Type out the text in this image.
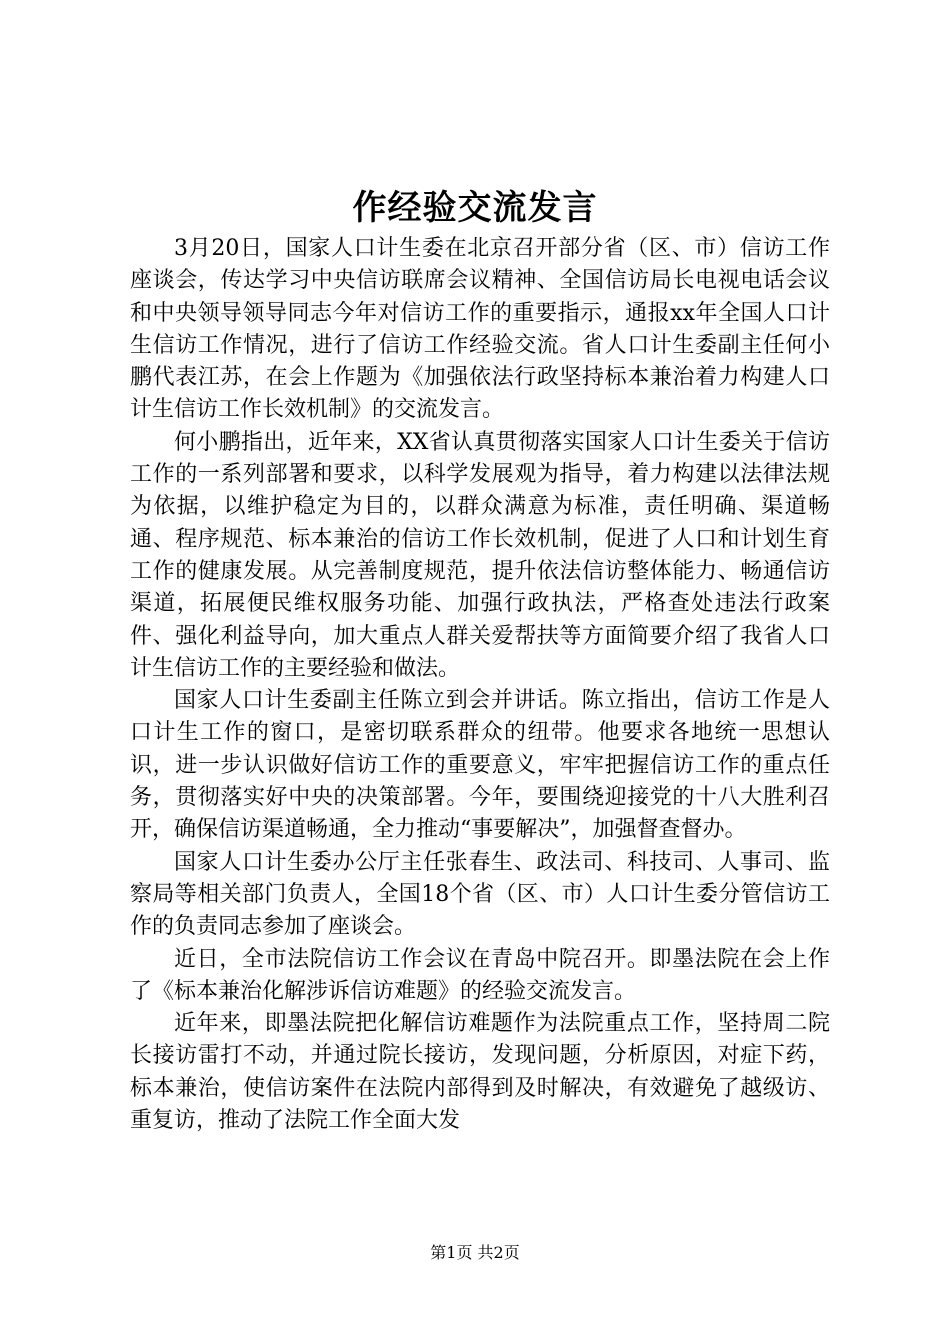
作经验交流发言

3月20日，国家人口计生委在北京召开部分省（区、市）信访工作座谈会，传达学习中央信访联席会议精神、全国信访局长电视电话会议和中央领导领导同志今年对信访工作的重要指示，通报xx年全国人口计生信访工作情况，进行了信访工作经验交流。省人口计生委副主任何小鹏代表江苏，在会上作题为《加强依法行政坚持标本兼治着力构建人口计生信访工作长效机制》的交流发言。

何小鹏指出，近年来，XX省认真贯彻落实国家人口计生委关于信访工作的一系列部署和要求，以科学发展观为指导，着力构建以法律法规为依据，以维护稳定为目的，以群众满意为标准，责任明确、渠道畅通、程序规范、标本兼治的信访工作长效机制，促进了人口和计划生育工作的健康发展。从完善制度规范，提升依法信访整体能力、畅通信访渠道，拓展便民维权服务功能、加强行政执法，严格查处违法行政案件、强化利益导向，加大重点人群关爱帮扶等方面简要介绍了我省人口计生信访工作的主要经验和做法。

国家人口计生委副主任陈立到会并讲话。陈立指出，信访工作是人口计生工作的窗口，是密切联系群众的纽带。他要求各地统一思想认识，进一步认识做好信访工作的重要意义，牢牢把握信访工作的重点任务，贯彻落实好中央的决策部署。今年，要围绕迎接党的十八大胜利召开，确保信访渠道畅通，全力推动“事要解决”，加强督查督办。

国家人口计生委办公厅主任张春生、政法司、科技司、人事司、监察局等相关部门负责人，全国18个省（区、市）人口计生委分管信访工作的负责同志参加了座谈会。

近日，全市法院信访工作会议在青岛中院召开。即墨法院在会上作了《标本兼治化解涉诉信访难题》的经验交流发言。

近年来，即墨法院把化解信访难题作为法院重点工作，坚持周二院长接访雷打不动，并通过院长接访，发现问题，分析原因，对症下药，标本兼治，使信访案件在法院内部得到及时解决，有效避免了越级访、重复访，推动了法院工作全面大发

第1页 共2页
